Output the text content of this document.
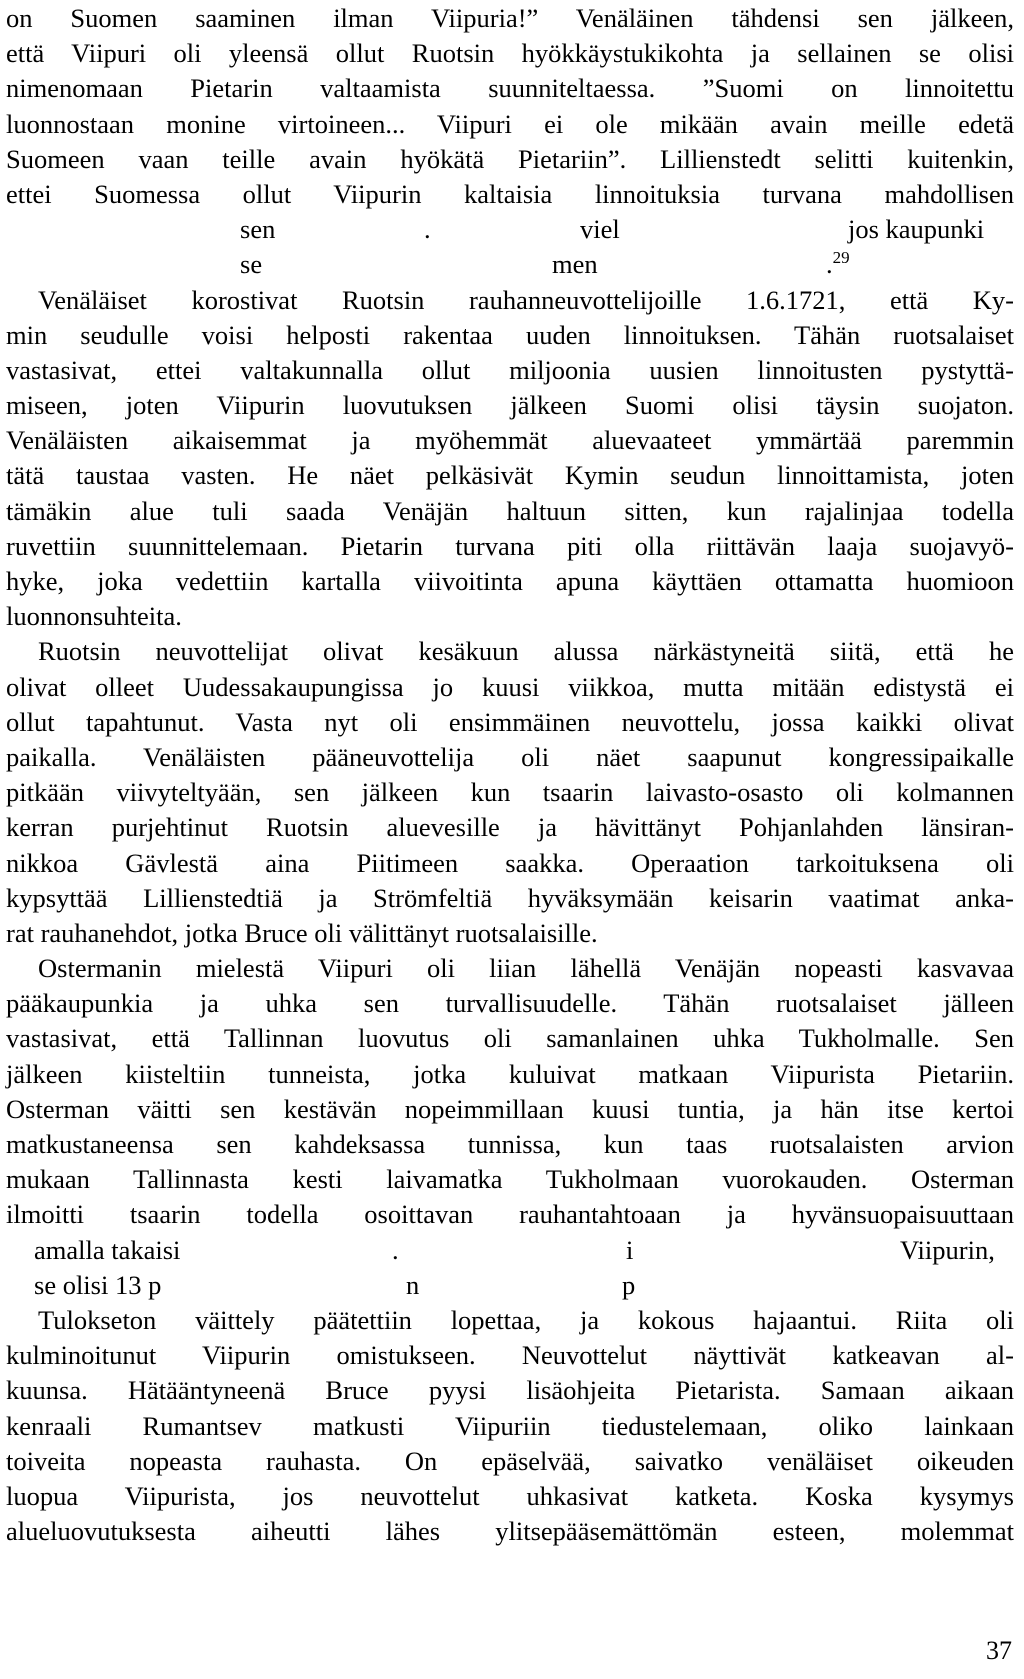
on Suomen saaminen ilman Viipuria!” Venäläinen tähdensi sen jälkeen,
että Viipuri oli yleensä ollut Ruotsin hyökkäystukikohta ja sellainen se olisi
nimenomaan Pietarin valtaamista suunniteltaessa. ”Suomi on linnoitettu
luonnostaan monine virtoineen... Viipuri ei ole mikään avain meille edetä
Suomeen vaan teille avain hyökätä Pietariin”. Lillienstedt selitti kuitenkin,
ettei Suomessa ollut Viipurin kaltaisia linnoituksia turvana mahdollisen
sen	.	viel	jos kaupunki
se	men	.$^{29}$
Venäläiset korostivat Ruotsin rauhanneuvottelijoille 1.6.1721, että Ky-
min seudulle voisi helposti rakentaa uuden linnoituksen. Tähän ruotsalaiset
vastasivat, ettei valtakunnalla ollut miljoonia uusien linnoitusten pystyttä-
miseen, joten Viipurin luovutuksen jälkeen Suomi olisi täysin suojaton.
Venäläisten aikaisemmat ja myöhemmät aluevaateet ymmärtää paremmin
tätä taustaa vasten. He näet pelkäsivät Kymin seudun linnoittamista, joten
tämäkin alue tuli saada Venäjän haltuun sitten, kun rajalinjaa todella
ruvettiin suunnittelemaan. Pietarin turvana piti olla riittävän laaja suojavyö-
hyke, joka vedettiin kartalla viivoitinta apuna käyttäen ottamatta huomioon
luonnonsuhteita.
Ruotsin neuvottelijat olivat kesäkuun alussa närkästyneitä siitä, että he
olivat olleet Uudessakaupungissa jo kuusi viikkoa, mutta mitään edistystä ei
ollut tapahtunut. Vasta nyt oli ensimmäinen neuvottelu, jossa kaikki olivat
paikalla. Venäläisten pääneuvottelija oli näet saapunut kongressipaikalle
pitkään viivyteltyään, sen jälkeen kun tsaarin laivasto-osasto oli kolmannen
kerran purjehtinut Ruotsin aluevesille ja hävittänyt Pohjanlahden länsiran-
nikkoa Gävlestä aina Piitimeen saakka. Operaation tarkoituksena oli
kypsyttää Lillienstedtiä ja Strömfeltiä hyväksymään keisarin vaatimat anka-
rat rauhanehdot, jotka Bruce oli välittänyt ruotsalaisille.
Ostermanin mielestä Viipuri oli liian lähellä Venäjän nopeasti kasvavaa
pääkaupunkia ja uhka sen turvallisuudelle. Tähän ruotsalaiset jälleen
vastasivat, että Tallinnan luovutus oli samanlainen uhka Tukholmalle. Sen
jälkeen kiisteltiin tunneista, jotka kuluivat matkaan Viipurista Pietariin.
Osterman väitti sen kestävän nopeimmillaan kuusi tuntia, ja hän itse kertoi
matkustaneensa sen kahdeksassa tunnissa, kun taas ruotsalaisten arvion
mukaan Tallinnasta kesti laivamatka Tukholmaan vuorokauden. Osterman
ilmoitti tsaarin todella osoittavan rauhantahtoaan ja hyvänsuopaisuuttaan
amalla takaisi	.	i	Viipurin,
se olisi 13 p	n	p
Tulokseton väittely päätettiin lopettaa, ja kokous hajaantui. Riita oli
kulminoitunut Viipurin omistukseen. Neuvottelut näyttivät katkeavan al-
kuunsa. Hätääntyneenä Bruce pyysi lisäohjeita Pietarista. Samaan aikaan
kenraali Rumantsev matkusti Viipuriin tiedustelemaan, oliko lainkaan
toiveita nopeasta rauhasta. On epäselvää, saivatko venäläiset oikeuden
luopua Viipurista, jos neuvottelut uhkasivat katketa. Koska kysymys
alueluovutuksesta aiheutti lähes ylitsepääsemättömän esteen, molemmat
37
